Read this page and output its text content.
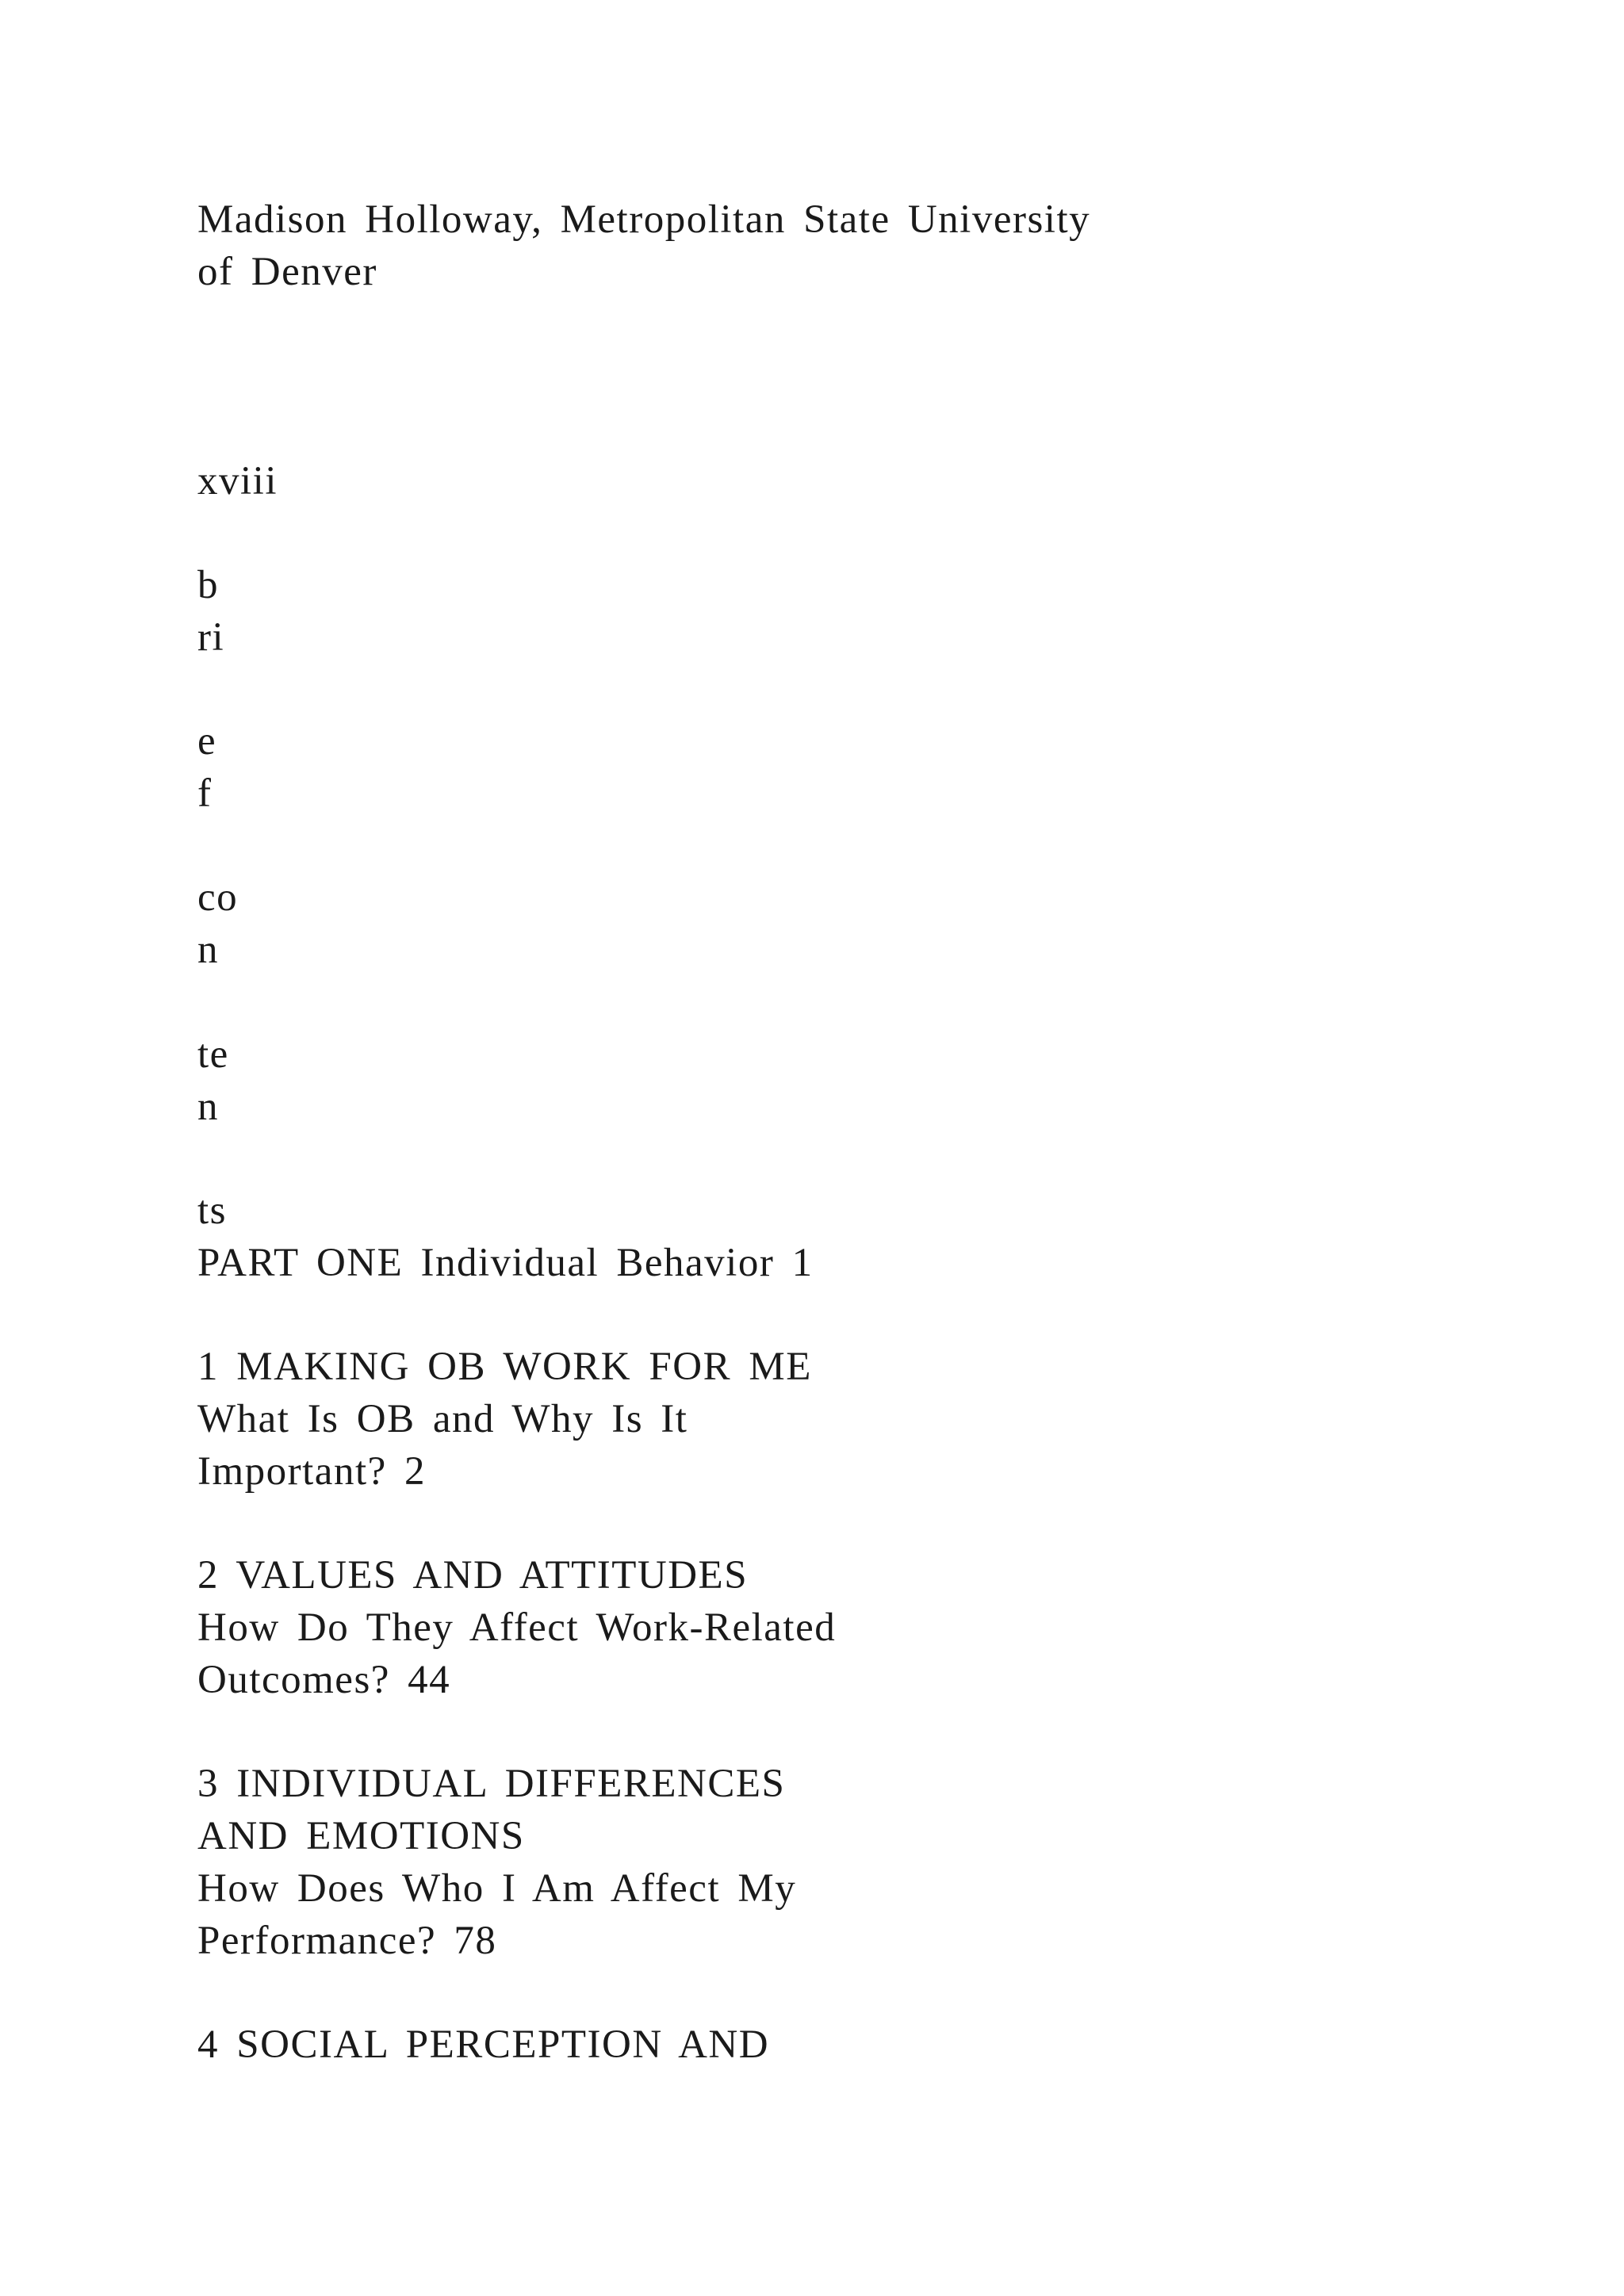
Madison Holloway, Metropolitan State University
of Denver
xviii
b
ri
e
f
co
n
te
n
ts
PART ONE Individual Behavior 1
1 MAKING OB WORK FOR ME
What Is OB and Why Is It
Important? 2
2 VALUES AND ATTITUDES
How Do They Affect Work-Related
Outcomes? 44
3 INDIVIDUAL DIFFERENCES
AND EMOTIONS
How Does Who I Am Affect My
Performance? 78
4 SOCIAL PERCEPTION AND
